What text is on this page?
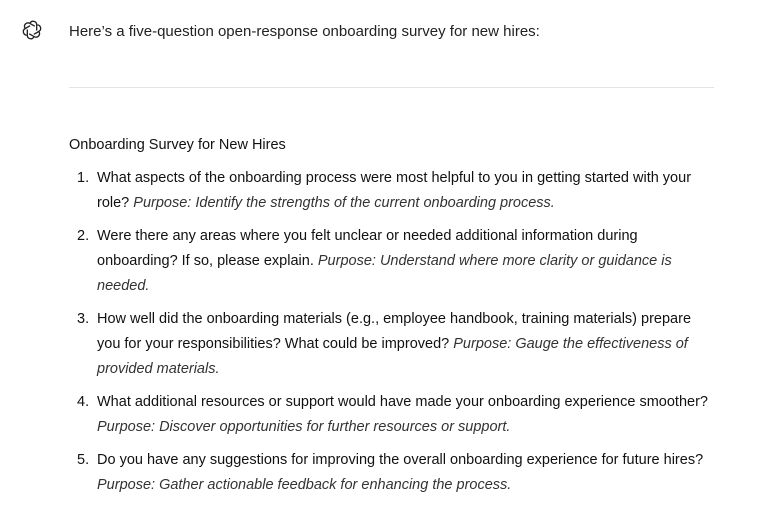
Here’s a five-question open-response onboarding survey for new hires:
Onboarding Survey for New Hires
1. What aspects of the onboarding process were most helpful to you in getting started with your role? Purpose: Identify the strengths of the current onboarding process.
2. Were there any areas where you felt unclear or needed additional information during onboarding? If so, please explain. Purpose: Understand where more clarity or guidance is needed.
3. How well did the onboarding materials (e.g., employee handbook, training materials) prepare you for your responsibilities? What could be improved? Purpose: Gauge the effectiveness of provided materials.
4. What additional resources or support would have made your onboarding experience smoother? Purpose: Discover opportunities for further resources or support.
5. Do you have any suggestions for improving the overall onboarding experience for future hires? Purpose: Gather actionable feedback for enhancing the process.
